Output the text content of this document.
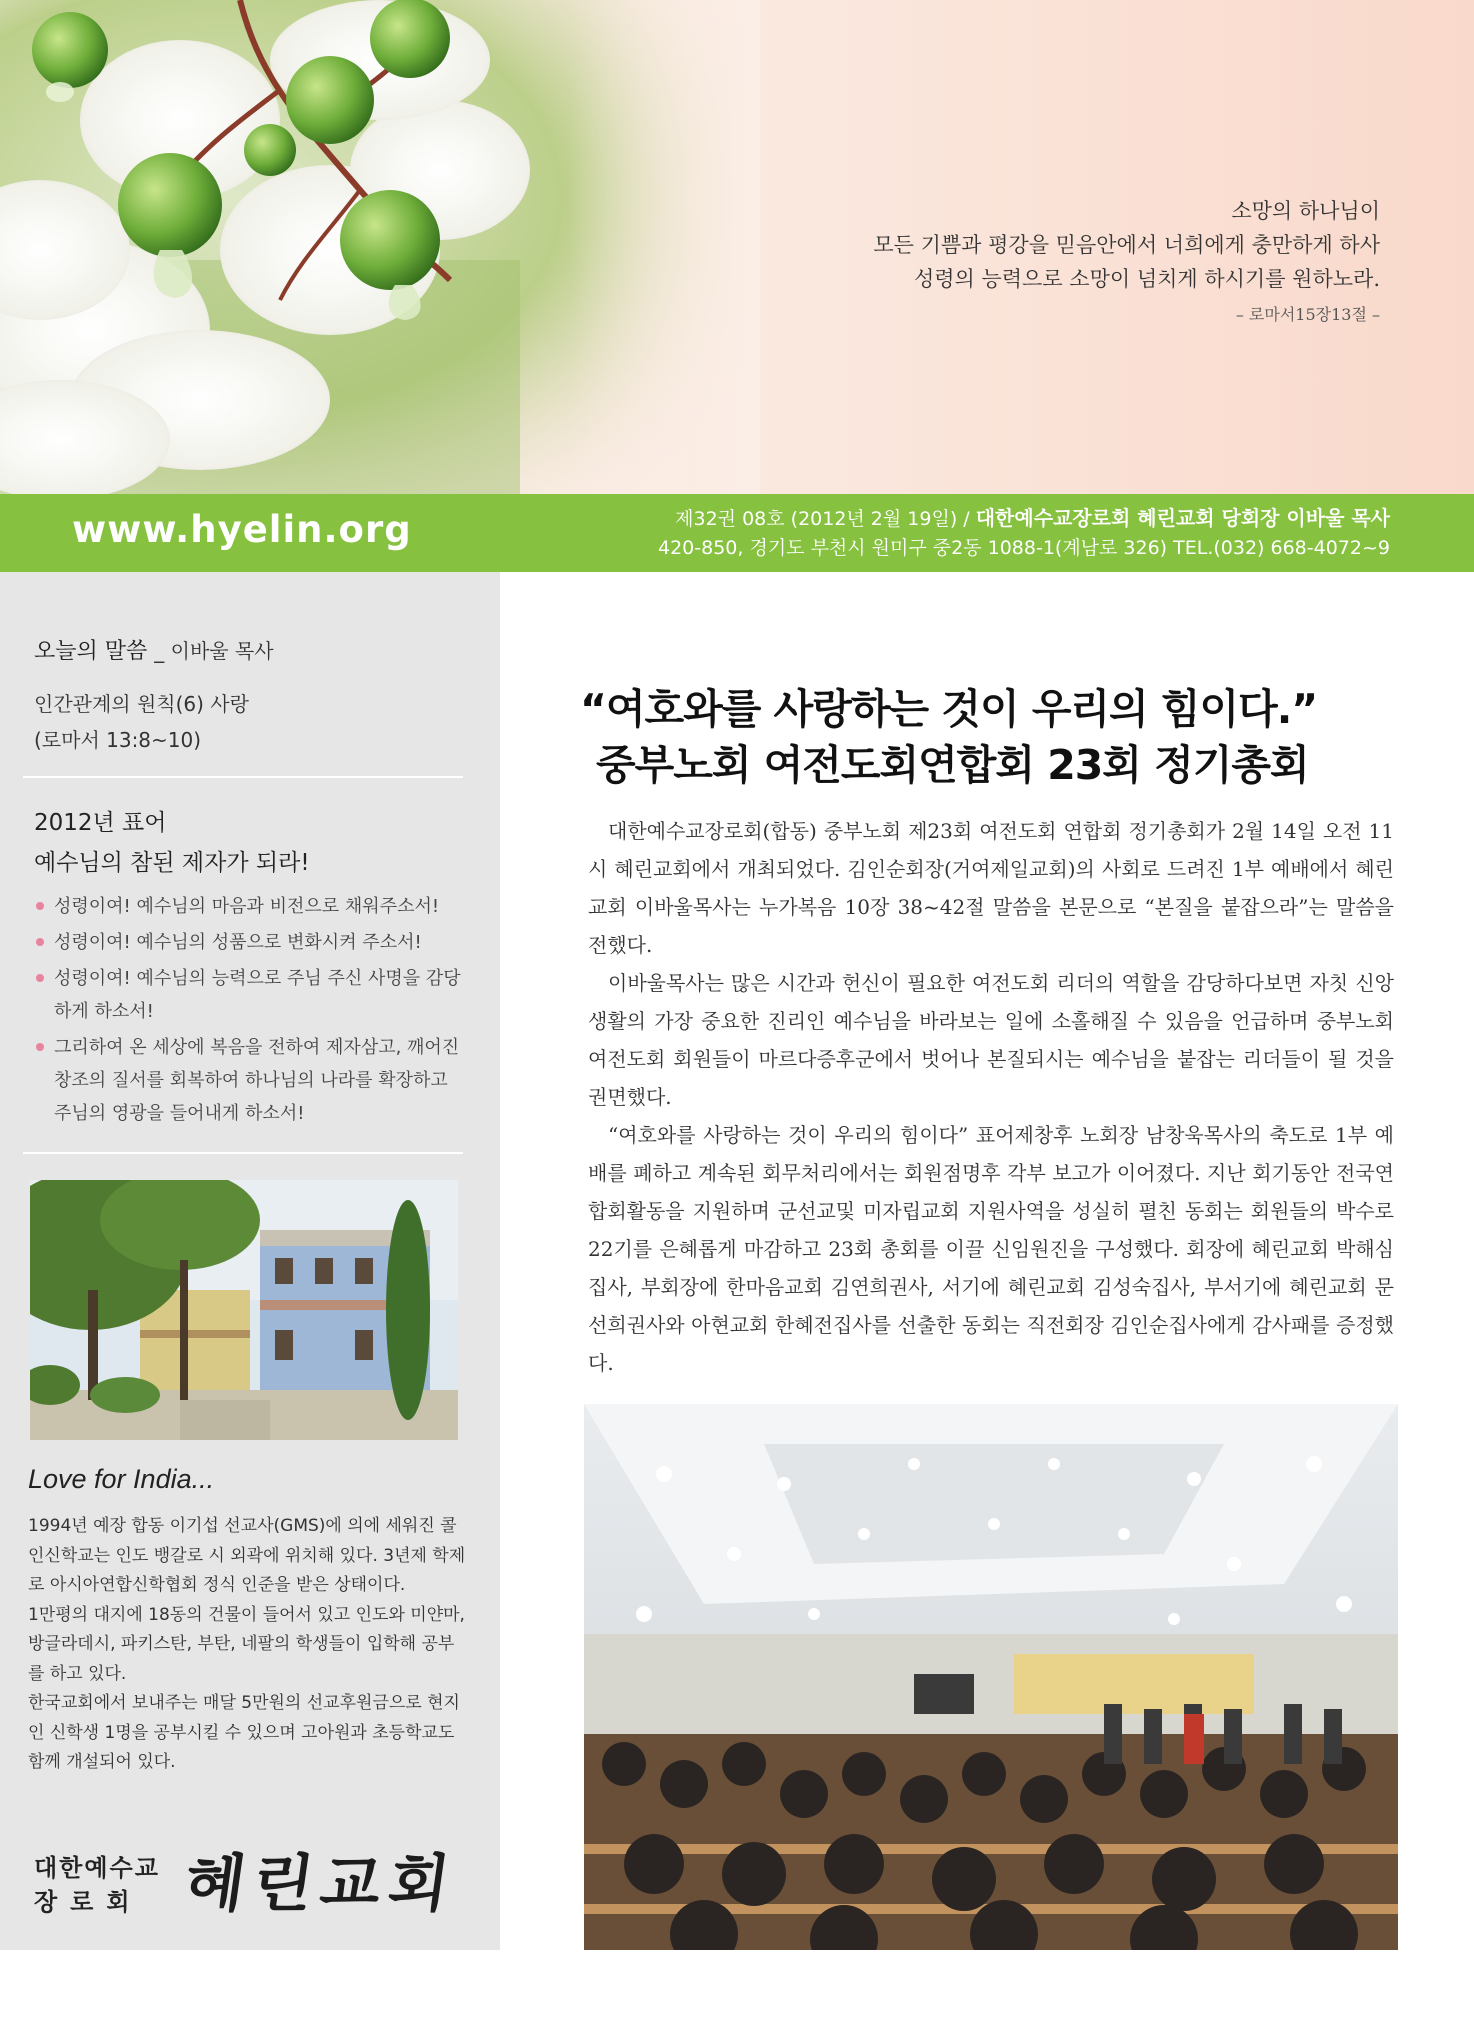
소망의 하나님이
모든 기쁨과 평강을 믿음안에서 너희에게 충만하게 하사
성령의 능력으로 소망이 넘치게 하시기를 원하노라.
– 로마서15장13절 –
www.hyelin.org	제32권 08호 (2012년 2월 19일) / 대한예수교장로회 혜린교회 당회장 이바울 목사
420-850, 경기도 부천시 원미구 중2동 1088-1(계남로 326) TEL.(032) 668-4072~9
오늘의 말씀 _ 이바울 목사
인간관계의 원칙(6) 사랑
(로마서 13:8~10)
2012년 표어
예수님의 참된 제자가 되라!
성령이여! 예수님의 마음과 비전으로 채워주소서!
성령이여! 예수님의 성품으로 변화시켜 주소서!
성령이여! 예수님의 능력으로 주님 주신 사명을 감당하게 하소서!
그리하여 온 세상에 복음을 전하여 제자삼고, 깨어진 창조의 질서를 회복하여 하나님의 나라를 확장하고 주님의 영광을 들어내게 하소서!
Love for India...

1994년 예장 합동 이기섭 선교사(GMS)에 의에 세워진 콜인신학교는 인도 뱅갈로 시 외곽에 위치해 있다. 3년제 학제로 아시아연합신학협회 정식 인준을 받은 상태이다.

1만평의 대지에 18동의 건물이 들어서 있고 인도와 미얀마, 방글라데시, 파키스탄, 부탄, 네팔의 학생들이 입학해 공부를 하고 있다.

한국교회에서 보내주는 매달 5만원의 선교후원금으로 현지인 신학생 1명을 공부시킬 수 있으며 고아원과 초등학교도 함께 개설되어 있다.

대한예수교
장로회 혜린교회
“여호와를 사랑하는 것이 우리의 힘이다.”
중부노회 여전도회연합회 23회 정기총회

대한예수교장로회(합동) 중부노회 제23회 여전도회 연합회 정기총회가 2월 14일 오전 11시 혜린교회에서 개최되었다. 김인순회장(거여제일교회)의 사회로 드려진 1부 예배에서 혜린교회 이바울목사는 누가복음 10장 38~42절 말씀을 본문으로 “본질을 붙잡으라”는 말씀을 전했다.

이바울목사는 많은 시간과 헌신이 필요한 여전도회 리더의 역할을 감당하다보면 자칫 신앙생활의 가장 중요한 진리인 예수님을 바라보는 일에 소홀해질 수 있음을 언급하며 중부노회 여전도회 회원들이 마르다증후군에서 벗어나 본질되시는 예수님을 붙잡는 리더들이 될 것을 권면했다.

“여호와를 사랑하는 것이 우리의 힘이다” 표어제창후 노회장 남창욱목사의 축도로 1부 예배를 폐하고 계속된 회무처리에서는 회원점명후 각부 보고가 이어졌다. 지난 회기동안 전국연합회활동을 지원하며 군선교및 미자립교회 지원사역을 성실히 펼친 동회는 회원들의 박수로 22기를 은혜롭게 마감하고 23회 총회를 이끌 신임원진을 구성했다. 회장에 혜린교회 박해심집사, 부회장에 한마음교회 김연희권사, 서기에 혜린교회 김성숙집사, 부서기에 혜린교회 문선희권사와 아현교회 한혜전집사를 선출한 동회는 직전회장 김인순집사에게 감사패를 증정했다.
